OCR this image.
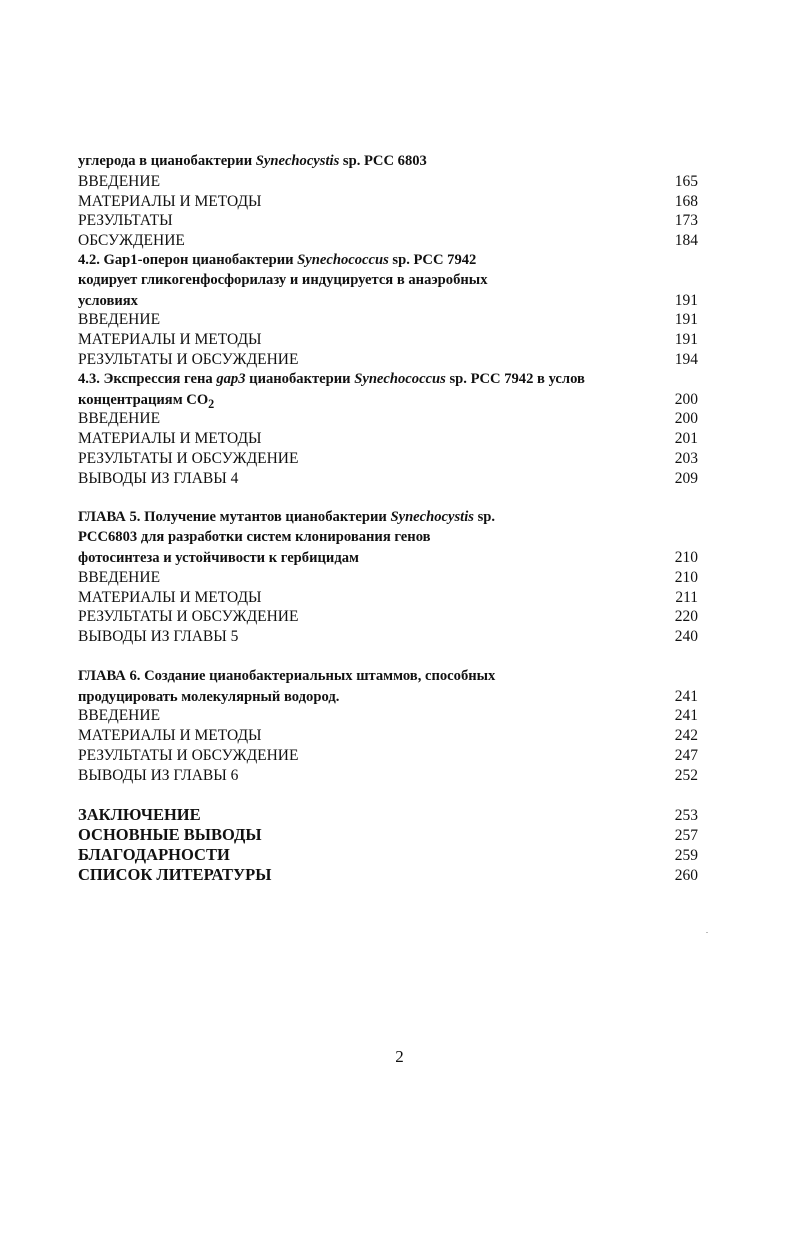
углерода в цианобактерии Synechocystis sp. PCC 6803
ВВЕДЕНИЕ	165
МАТЕРИАЛЫ И МЕТОДЫ	168
РЕЗУЛЬТАТЫ	173
ОБСУЖДЕНИЕ	184
4.2. Gap1-оперон цианобактерии Synechococcus sp. PCC 7942
кодирует гликогенфосфорилазу и индуцируется в анаэробных
условиях	191
ВВЕДЕНИЕ	191
МАТЕРИАЛЫ И МЕТОДЫ	191
РЕЗУЛЬТАТЫ И ОБСУЖДЕНИЕ	194
4.3. Экспрессия гена gap3 цианобактерии Synechococcus sp. PCC 7942 в услов
концентрациям $CO_2$	200
ВВЕДЕНИЕ	200
МАТЕРИАЛЫ И МЕТОДЫ	201
РЕЗУЛЬТАТЫ И ОБСУЖДЕНИЕ	203
ВЫВОДЫ ИЗ ГЛАВЫ 4	209
ГЛАВА 5. Получение мутантов цианобактерии Synechocystis sp.
PCC6803 для разработки систем клонирования генов
фотосинтеза и устойчивости к гербицидам	210
ВВЕДЕНИЕ	210
МАТЕРИАЛЫ И МЕТОДЫ	211
РЕЗУЛЬТАТЫ И ОБСУЖДЕНИЕ	220
ВЫВОДЫ ИЗ ГЛАВЫ 5	240
ГЛАВА 6. Создание цианобактериальных штаммов, способных
продуцировать молекулярный водород.	241
ВВЕДЕНИЕ	241
МАТЕРИАЛЫ И МЕТОДЫ	242
РЕЗУЛЬТАТЫ И ОБСУЖДЕНИЕ	247
ВЫВОДЫ ИЗ ГЛАВЫ 6	252
ЗАКЛЮЧЕНИЕ	253
ОСНОВНЫЕ ВЫВОДЫ	257
БЛАГОДАРНОСТИ	259
СПИСОК ЛИТЕРАТУРЫ	260
2
